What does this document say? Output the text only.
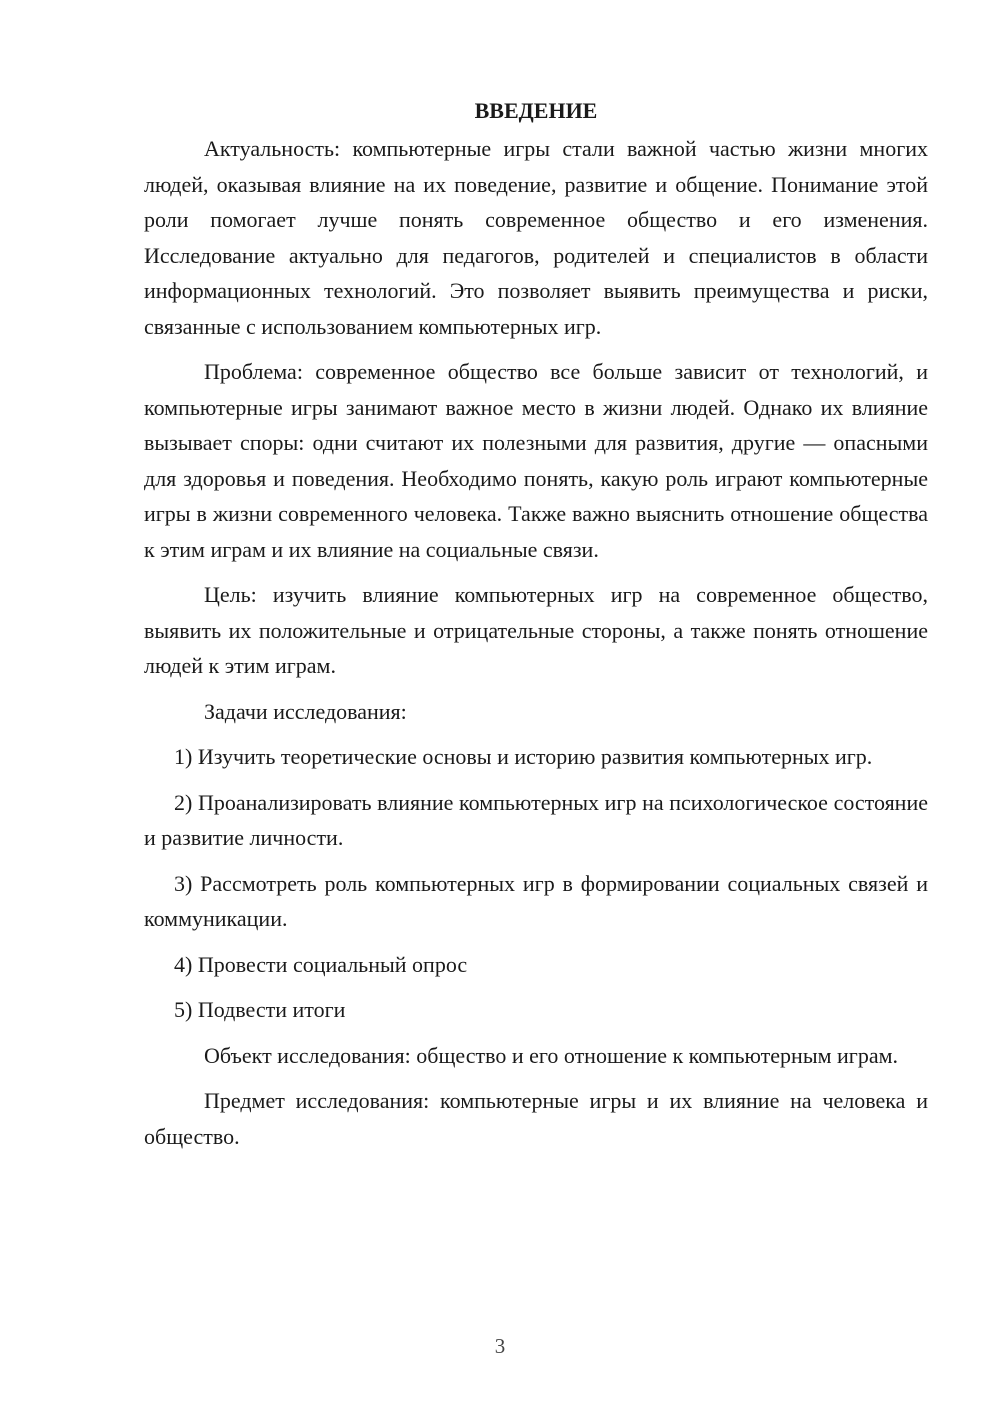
ВВЕДЕНИЕ

Актуальность: компьютерные игры стали важной частью жизни многих людей, оказывая влияние на их поведение, развитие и общение. Понимание этой роли помогает лучше понять современное общество и его изменения. Исследование актуально для педагогов, родителей и специалистов в области информационных технологий. Это позволяет выявить преимущества и риски, связанные с использованием компьютерных игр.

Проблема: современное общество все больше зависит от технологий, и компьютерные игры занимают важное место в жизни людей. Однако их влияние вызывает споры: одни считают их полезными для развития, другие — опасными для здоровья и поведения. Необходимо понять, какую роль играют компьютерные игры в жизни современного человека. Также важно выяснить отношение общества к этим играм и их влияние на социальные связи.

Цель: изучить влияние компьютерных игр на современное общество, выявить их положительные и отрицательные стороны, а также понять отношение людей к этим играм.

Задачи исследования:

1) Изучить теоретические основы и историю развития компьютерных игр.

2) Проанализировать влияние компьютерных игр на психологическое состояние и развитие личности.

3) Рассмотреть роль компьютерных игр в формировании социальных связей и коммуникации.

4) Провести социальный опрос

5) Подвести итоги

Объект исследования: общество и его отношение к компьютерным играм.

Предмет исследования: компьютерные игры и их влияние на человека и общество.

3
